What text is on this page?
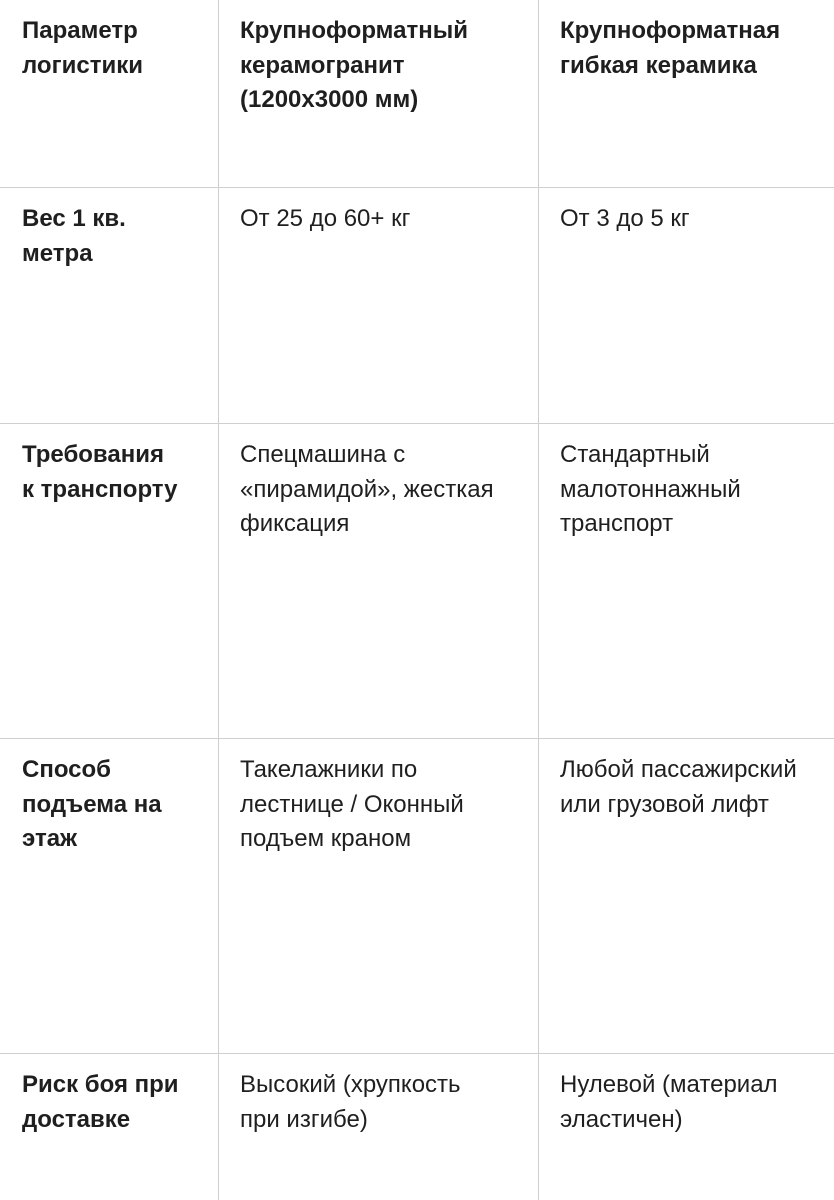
Параметр
логистики
Крупноформатный
керамогранит
(1200х3000 мм)
Крупноформатная
гибкая керамика
Вес 1 кв.
метра
От 25 до 60+ кг	От 3 до 5 кг
Требования
к транспорту
Спецмашина с
«пирамидой», жесткая
фиксация
Стандартный
малотоннажный
транспорт
Способ
подъема на
этаж
Такелажники по
лестнице / Оконный
подъем краном
Любой пассажирский
или грузовой лифт
Риск боя при
доставке
Высокий (хрупкость
при изгибе)
Нулевой (материал
эластичен)
